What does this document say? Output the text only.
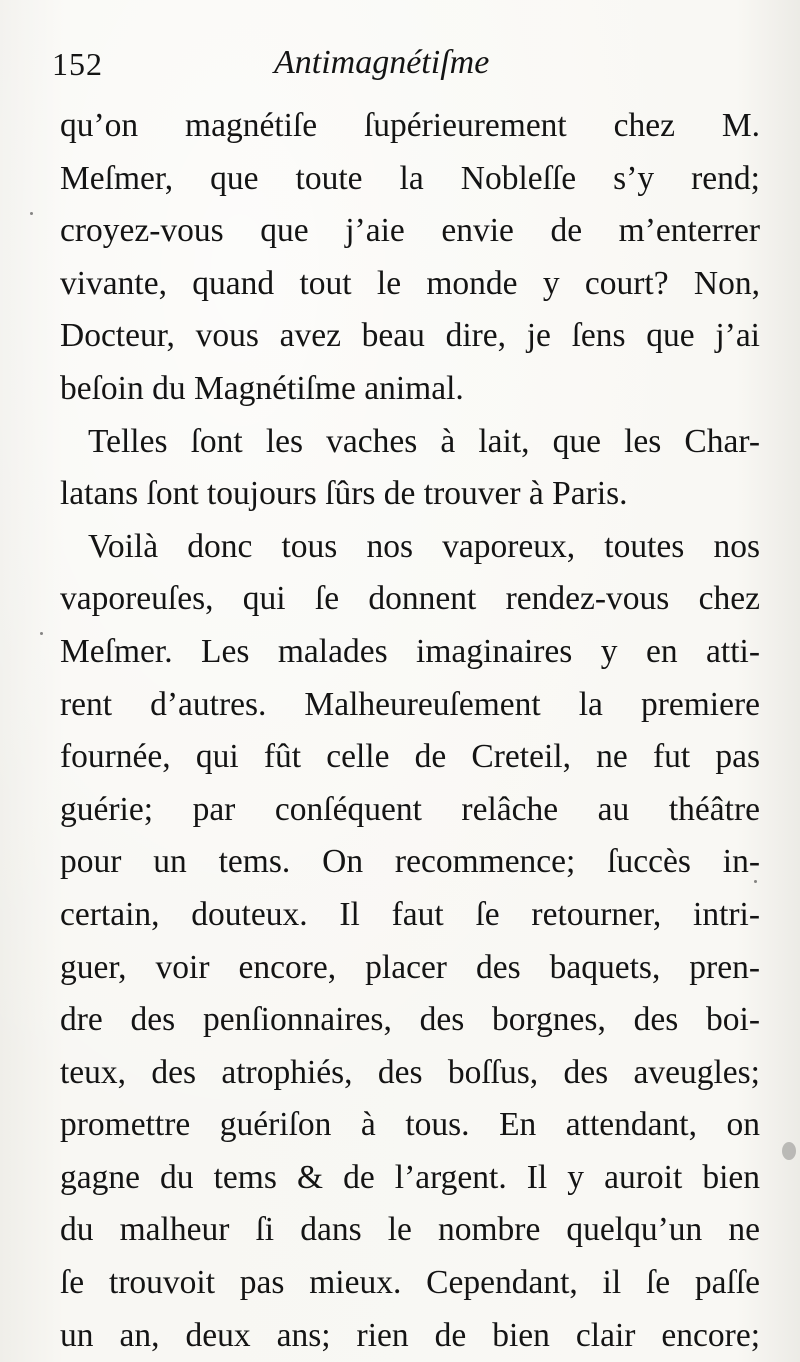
152	Antimagnétiſme
qu’on magnétiſe ſupérieurement chez M.
Meſmer, que toute la Nobleſſe s’y rend;
croyez-vous que j’aie envie de m’enterrer
vivante, quand tout le monde y court? Non,
Docteur, vous avez beau dire, je ſens que j’ai
beſoin du Magnétiſme animal.
Telles ſont les vaches à lait, que les Char-
latans ſont toujours ſûrs de trouver à Paris.
Voilà donc tous nos vaporeux, toutes nos
vaporeuſes, qui ſe donnent rendez-vous chez
Meſmer. Les malades imaginaires y en atti-
rent d’autres. Malheureuſement la premiere
fournée, qui fût celle de Creteil, ne fut pas
guérie; par conſéquent relâche au théâtre
pour un tems. On recommence; ſuccès in-
certain, douteux. Il faut ſe retourner, intri-
guer, voir encore, placer des baquets, pren-
dre des penſionnaires, des borgnes, des boi-
teux, des atrophiés, des boſſus, des aveugles;
promettre guériſon à tous. En attendant, on
gagne du tems & de l’argent. Il y auroit bien
du malheur ſi dans le nombre quelqu’un ne
ſe trouvoit pas mieux. Cependant, il ſe paſſe
un an, deux ans; rien de bien clair encore;
